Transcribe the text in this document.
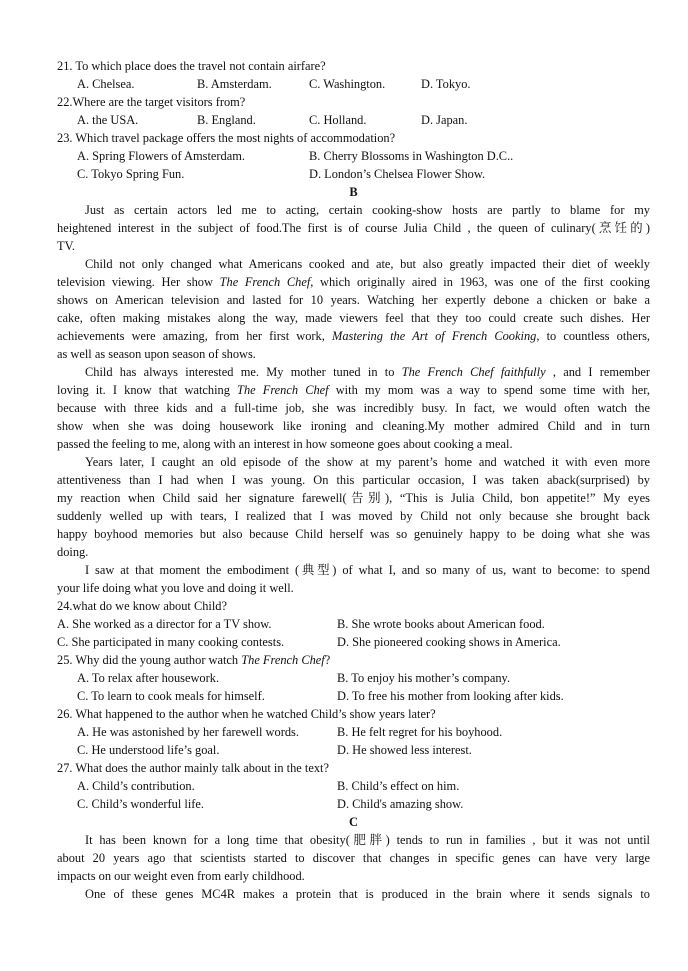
21. To which place does the travel not contain airfare?
A. Chelsea.	B. Amsterdam.	C. Washington.	D. Tokyo.
22.Where are the target visitors from?
A. the USA.	B. England.	C. Holland.	D. Japan.
23. Which travel package offers the most nights of accommodation?
A. Spring Flowers of Amsterdam.	B. Cherry Blossoms in Washington D.C..
C. Tokyo Spring Fun.	D. London’s Chelsea Flower Show.
B
Just as certain actors led me to acting, certain cooking-show hosts are partly to blame for my
heightened interest in the subject of food.The first is of course Julia Child , the queen of culinary(烹饪的)
TV.
Child not only changed what Americans cooked and ate, but also greatly impacted their diet of weekly
television viewing. Her show The French Chef, which originally aired in 1963, was one of the first cooking
shows on American television and lasted for 10 years. Watching her expertly debone a chicken or bake a
cake, often making mistakes along the way, made viewers feel that they too could create such dishes. Her
achievements were amazing, from her first work, Mastering the Art of French Cooking, to countless others,
as well as season upon season of shows.
Child has always interested me. My mother tuned in to The French Chef faithfully , and I remember
loving it. I know that watching The French Chef with my mom was a way to spend some time with her,
because with three kids and a full-time job, she was incredibly busy. In fact, we would often watch the
show when she was doing housework like ironing and cleaning.My mother admired Child and in turn
passed the feeling to me, along with an interest in how someone goes about cooking a meal.
Years later, I caught an old episode of the show at my parent’s home and watched it with even more
attentiveness than I had when I was young. On this particular occasion, I was taken aback(surprised) by
my reaction when Child said her signature farewell(告别), “This is Julia Child, bon appetite!” My eyes
suddenly welled up with tears, I realized that I was moved by Child not only because she brought back
happy boyhood memories but also because Child herself was so genuinely happy to be doing what she was
doing.
I saw at that moment the embodiment (典型) of what I, and so many of us, want to become: to spend
your life doing what you love and doing it well.
24.what do we know about Child?
A. She worked as a director for a TV show.	B. She wrote books about American food.
C. She participated in many cooking contests.	D. She pioneered cooking shows in America.
25. Why did the young author watch The French Chef?
A. To relax after housework.	B. To enjoy his mother’s company.
C. To learn to cook meals for himself.	D. To free his mother from looking after kids.
26. What happened to the author when he watched Child’s show years later?
A. He was astonished by her farewell words.	B. He felt regret for his boyhood.
C. He understood life’s goal.	D. He showed less interest.
27. What does the author mainly talk about in the text?
A. Child’s contribution.	B. Child’s effect on him.
C. Child’s wonderful life.	D. Child's amazing show.
C
It has been known for a long time that obesity(肥胖) tends to run in families , but it was not until
about 20 years ago that scientists started to discover that changes in specific genes can have very large
impacts on our weight even from early childhood.
One of these genes MC4R makes a protein that is produced in the brain where it sends signals to
